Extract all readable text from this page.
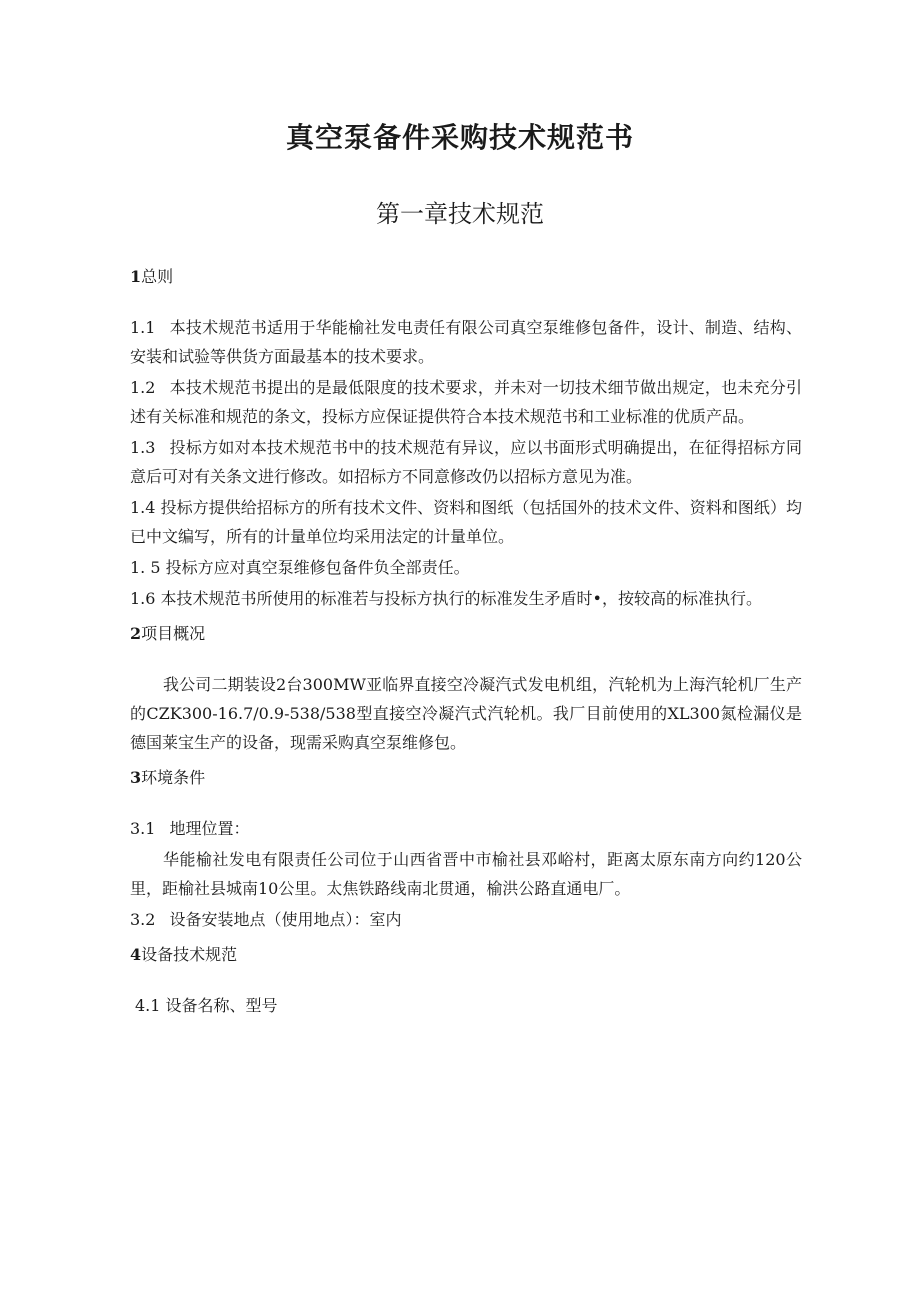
真空泵备件采购技术规范书
第一章技术规范

1总则

1.1 本技术规范书适用于华能榆社发电责任有限公司真空泵维修包备件，设计、制造、结构、安装和试验等供货方面最基本的技术要求。

1.2 本技术规范书提出的是最低限度的技术要求，并未对一切技术细节做出规定，也未充分引述有关标准和规范的条文，投标方应保证提供符合本技术规范书和工业标准的优质产品。

1.3 投标方如对本技术规范书中的技术规范有异议，应以书面形式明确提出，在征得招标方同意后可对有关条文进行修改。如招标方不同意修改仍以招标方意见为准。

1.4 投标方提供给招标方的所有技术文件、资料和图纸（包括国外的技术文件、资料和图纸）均已中文编写，所有的计量单位均采用法定的计量单位。

1. 5 投标方应对真空泵维修包备件负全部责任。

1.6 本技术规范书所使用的标准若与投标方执行的标准发生矛盾时•，按较高的标准执行。

2项目概况

我公司二期装设2台300MW亚临界直接空冷凝汽式发电机组，汽轮机为上海汽轮机厂生产的CZK300-16.7/0.9-538/538型直接空冷凝汽式汽轮机。我厂目前使用的XL300氮检漏仪是德国莱宝生产的设备，现需采购真空泵维修包。

3环境条件

3.1 地理位置：

华能榆社发电有限责任公司位于山西省晋中市榆社县邓峪村，距离太原东南方向约120公里，距榆社县城南10公里。太焦铁路线南北贯通，榆洪公路直通电厂。

3.2 设备安装地点（使用地点）：室内

4设备技术规范

4.1 设备名称、型号
